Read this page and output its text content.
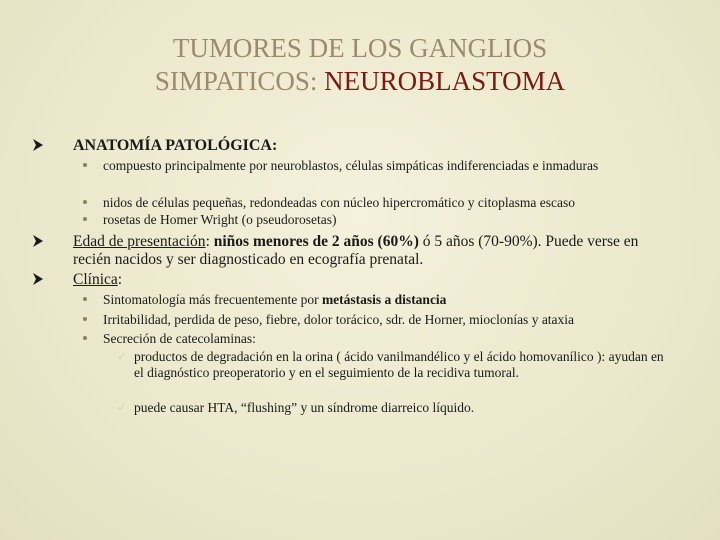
TUMORES DE LOS GANGLIOS
SIMPATICOS: NEUROBLASTOMA
ANATOMÍA PATOLÓGICA:
compuesto principalmente por neuroblastos, células simpáticas indiferenciadas e inmaduras
nidos de células pequeñas, redondeadas con núcleo hipercromático y citoplasma escaso
rosetas de Homer Wright (o pseudorosetas)
Edad de presentación: niños menores de 2 años (60%) ó 5 años (70-90%). Puede verse en recién nacidos y ser diagnosticado en ecografía prenatal.
Clínica:
Sintomatología más frecuentemente por metástasis a distancia
Irritabilidad, perdida de peso, fiebre, dolor torácico, sdr. de Horner, mioclonías y ataxia
Secreción de catecolaminas:
✓ productos de degradación en la orina ( ácido vanilmandélico y el ácido homovanílico ): ayudan en el diagnóstico preoperatorio y en el seguimiento de la recidiva tumoral.
✓ puede causar HTA, “flushing” y un síndrome diarreico líquido.
